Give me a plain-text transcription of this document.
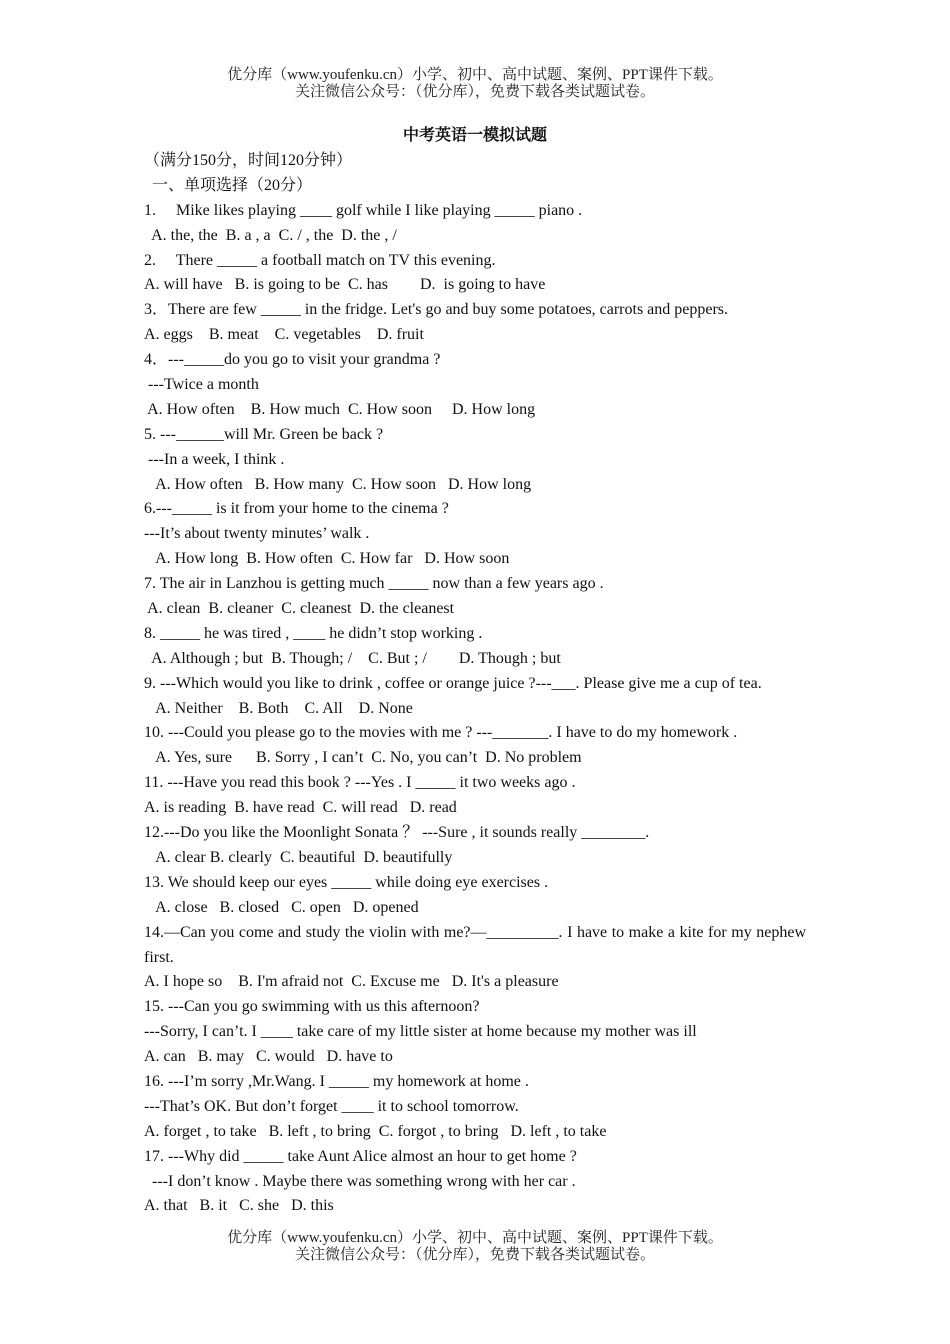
优分库（www.youfenku.cn）小学、初中、高中试题、案例、PPT课件下载。
关注微信公众号：（优分库），免费下载各类试题试卷。
中考英语一模拟试题
（满分150分，时间120分钟）
一、单项选择（20分）
1.     Mike likes playing ____ golf while I like playing _____ piano .
A. the, the  B. a , a  C. / , the  D. the , /
2.     There _____ a football match on TV this evening.
A. will have   B. is going to be  C. has        D.  is going to have
3．There are few _____ in the fridge. Let's go and buy some potatoes, carrots and peppers.
A. eggs    B. meat    C. vegetables    D. fruit
4．---_____do you go to visit your grandma ?
---Twice a month
A. How often    B. How much  C. How soon     D. How long
5. ---______will Mr. Green be back ?
---In a week, I think .
A. How often   B. How many  C. How soon   D. How long
6.---_____ is it from your home to the cinema ?
---It’s about twenty minutes’ walk .
A. How long  B. How often  C. How far   D. How soon
7. The air in Lanzhou is getting much _____ now than a few years ago .
A. clean  B. cleaner  C. cleanest  D. the cleanest
8. _____ he was tired , ____ he didn’t stop working .
A. Although ; but  B. Though; /    C. But ; /        D. Though ; but
9. ---Which would you like to drink , coffee or orange juice ?---___. Please give me a cup of tea.
A. Neither    B. Both    C. All    D. None
10. ---Could you please go to the movies with me ? ---_______. I have to do my homework .
A. Yes, sure      B. Sorry , I can’t  C. No, you can’t  D. No problem
11. ---Have you read this book ? ---Yes . I _____ it two weeks ago .
A. is reading  B. have read  C. will read   D. read
12.---Do you like the Moonlight Sonata ？ ---Sure , it sounds really ________.
A. clear B. clearly  C. beautiful  D. beautifully
13. We should keep our eyes _____ while doing eye exercises .
A. close   B. closed   C. open   D. opened
14.—Can you come and study the violin with me?—_________. I have to make a kite for my nephew first.
A. I hope so    B. I'm afraid not  C. Excuse me   D. It's a pleasure
15. ---Can you go swimming with us this afternoon?
---Sorry, I can’t. I ____ take care of my little sister at home because my mother was ill
A. can   B. may   C. would   D. have to
16. ---I’m sorry ,Mr.Wang. I _____ my homework at home .
---That’s OK. But don’t forget ____ it to school tomorrow.
A. forget , to take   B. left , to bring  C. forgot , to bring   D. left , to take
17. ---Why did _____ take Aunt Alice almost an hour to get home ?
---I don’t know . Maybe there was something wrong with her car .
A. that   B. it   C. she   D. this
优分库（www.youfenku.cn）小学、初中、高中试题、案例、PPT课件下载。
关注微信公众号：（优分库），免费下载各类试题试卷。
